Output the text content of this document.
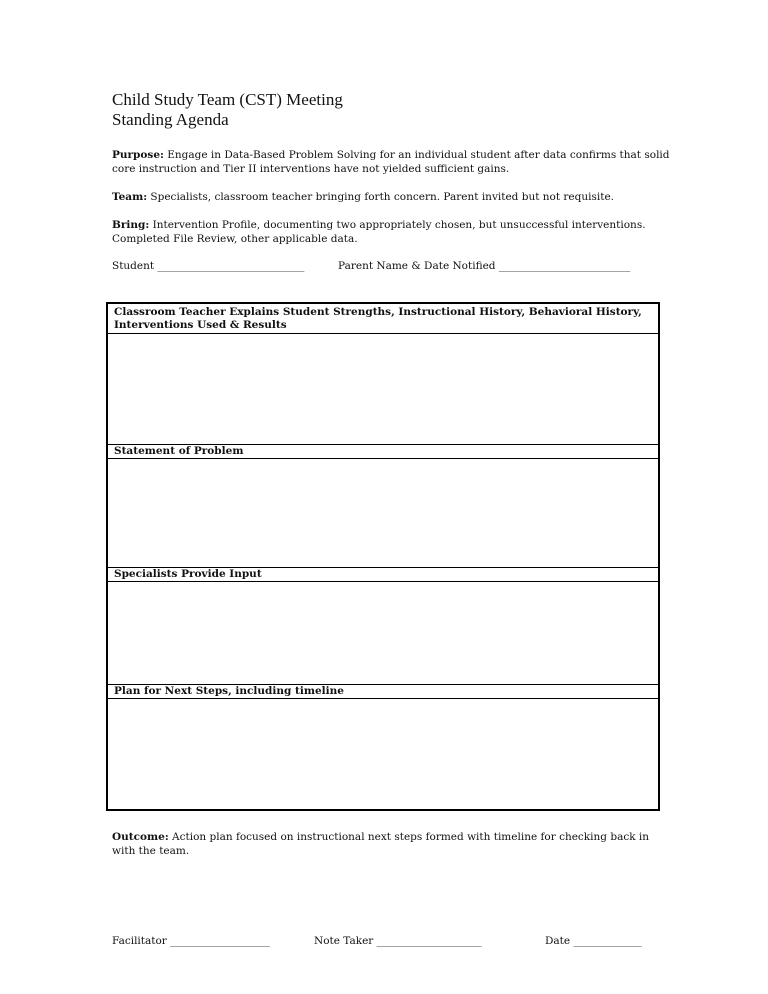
Child Study Team (CST) Meeting
Standing Agenda

Purpose: Engage in Data-Based Problem Solving for an individual student after data confirms that solid core instruction and Tier II interventions have not yielded sufficient gains.

Team: Specialists, classroom teacher bringing forth concern. Parent invited but not requisite.

Bring: Intervention Profile, documenting two appropriately chosen, but unsuccessful interventions. Completed File Review, other applicable data.

Student ____________________________	Parent Name & Date Notified _________________________
Classroom Teacher Explains Student Strengths, Instructional History, Behavioral History, Interventions Used & Results
Statement of Problem
Specialists Provide Input
Plan for Next Steps, including timeline

Outcome: Action plan focused on instructional next steps formed with timeline for checking back in with the team.

Facilitator ___________________

	Note Taker ____________________

	Date _____________
